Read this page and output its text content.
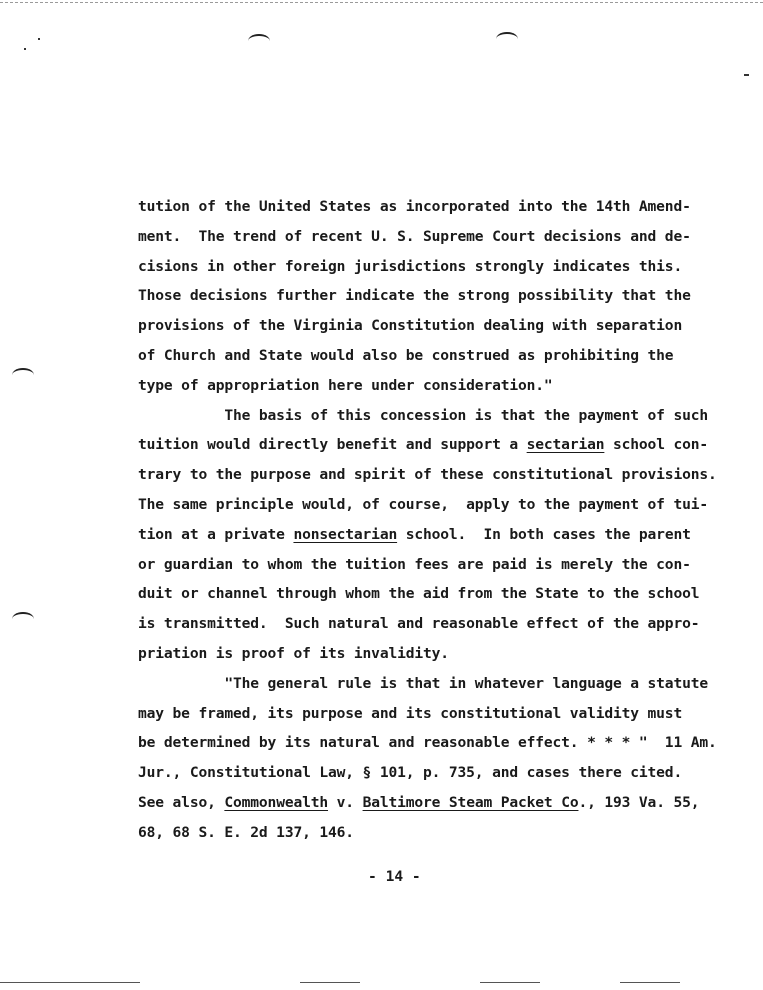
tution of the United States as incorporated into the 14th Amend-
ment.  The trend of recent U. S. Supreme Court decisions and de-
cisions in other foreign jurisdictions strongly indicates this.
Those decisions further indicate the strong possibility that the
provisions of the Virginia Constitution dealing with separation
of Church and State would also be construed as prohibiting the
type of appropriation here under consideration."
The basis of this concession is that the payment of such
tuition would directly benefit and support a sectarian school con-
trary to the purpose and spirit of these constitutional provisions.
The same principle would, of course,  apply to the payment of tui-
tion at a private nonsectarian school.  In both cases the parent
or guardian to whom the tuition fees are paid is merely the con-
duit or channel through whom the aid from the State to the school
is transmitted.  Such natural and reasonable effect of the appro-
priation is proof of its invalidity.
"The general rule is that in whatever language a statute
may be framed, its purpose and its constitutional validity must
be determined by its natural and reasonable effect. * * * "  11 Am.
Jur., Constitutional Law, § 101, p. 735, and cases there cited.
See also, Commonwealth v. Baltimore Steam Packet Co., 193 Va. 55,
68, 68 S. E. 2d 137, 146.
- 14 -
